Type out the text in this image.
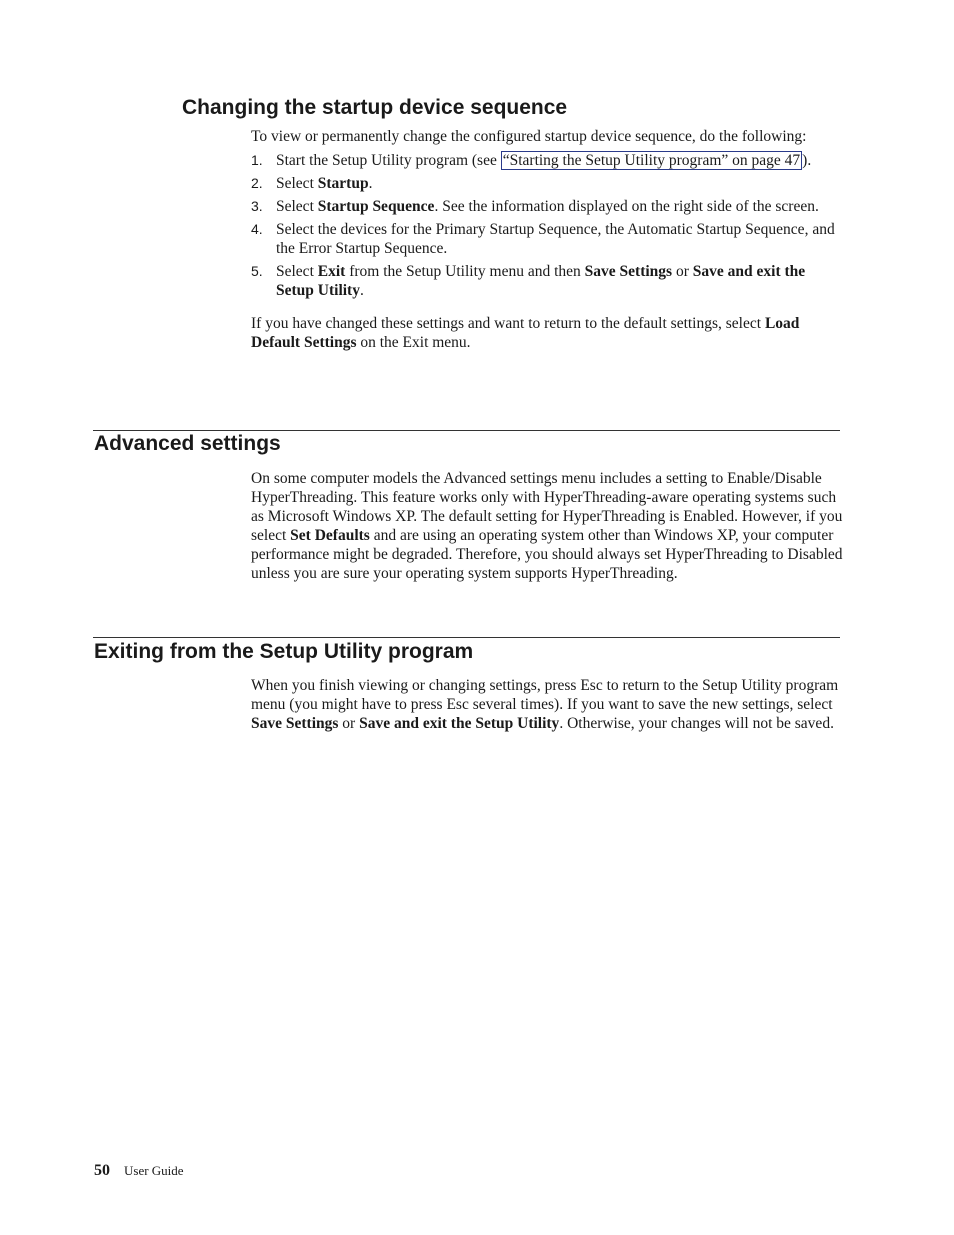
Changing the startup device sequence

To view or permanently change the configured startup device sequence, do the following:

1. Start the Setup Utility program (see “Starting the Setup Utility program” on page 47 ).
2. Select Startup.
3. Select Startup Sequence. See the information displayed on the right side of the screen.
4. Select the devices for the Primary Startup Sequence, the Automatic Startup Sequence, and the Error Startup Sequence.
5. Select Exit from the Setup Utility menu and then Save Settings or Save and exit the Setup Utility.

If you have changed these settings and want to return to the default settings, select Load Default Settings on the Exit menu.

Advanced settings

On some computer models the Advanced settings menu includes a setting to Enable/Disable HyperThreading. This feature works only with HyperThreading-aware operating systems such as Microsoft Windows XP. The default setting for HyperThreading is Enabled. However, if you select Set Defaults and are using an operating system other than Windows XP, your computer performance might be degraded. Therefore, you should always set HyperThreading to Disabled unless you are sure your operating system supports HyperThreading.

Exiting from the Setup Utility program

When you finish viewing or changing settings, press Esc to return to the Setup Utility program menu (you might have to press Esc several times). If you want to save the new settings, select Save Settings or Save and exit the Setup Utility. Otherwise, your changes will not be saved.

50 User Guide
